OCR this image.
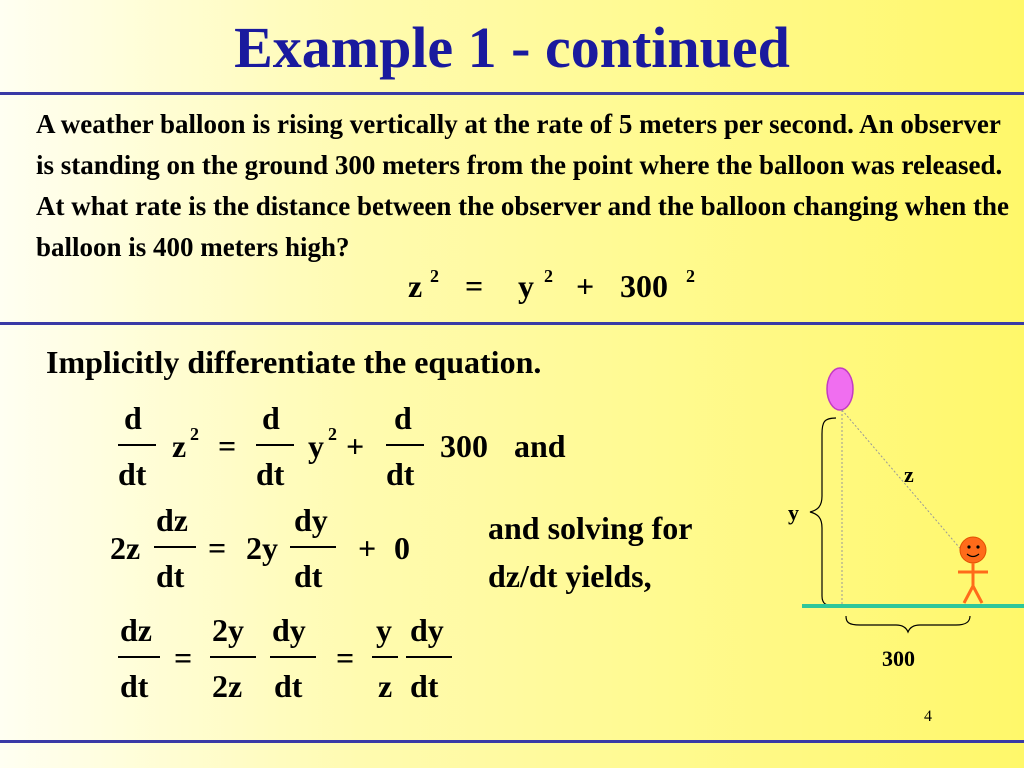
Example 1 - continued
A weather balloon is rising vertically at the rate of 5 meters per second. An observer is standing on the ground 300 meters from the point where the balloon was released. At what rate is the distance between the observer and the balloon changing when the balloon is 400 meters high?
z 2 = y 2 + 300 2
Implicitly differentiate the equation.
d
dt
z 2 =
d
dt
y 2 +
d
dt
300 and
2z
dz
dt
= 2y
dy
dt
+ 0
and solving for
dz/dt yields,
dz
dt
=
2y
2z
dy
dt
=
y
z
dy
dt
y
z
300
4
